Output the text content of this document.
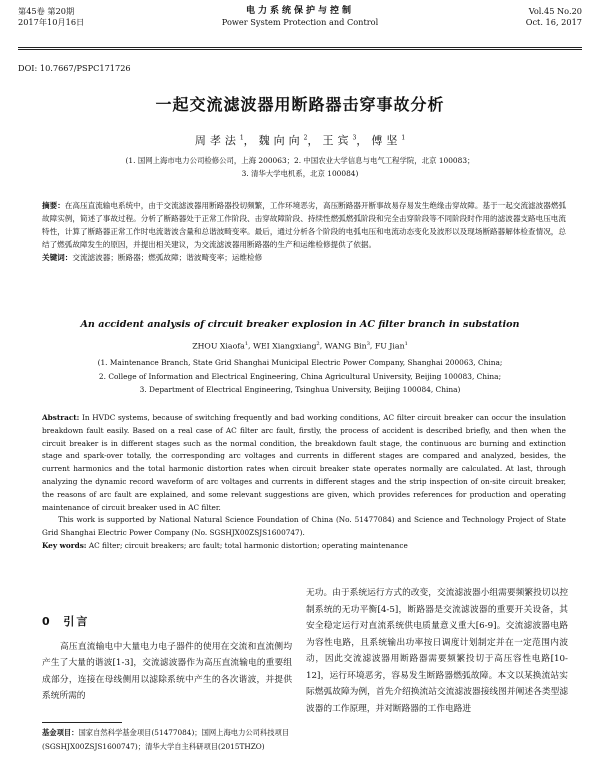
第45卷 第20期
2017年10月16日
电力系统保护与控制
Power System Protection and Control
Vol.45 No.20
Oct. 16, 2017
DOI: 10.7667/PSPC171726
一起交流滤波器用断路器击穿事故分析
周孝法$^1$，魏向向$^2$，王宾$^3$，傅坚$^1$
(1. 国网上海市电力公司检修公司，上海 200063；2. 中国农业大学信息与电气工程学院，北京 100083；
3. 清华大学电机系，北京 100084)
摘要：在高压直流输电系统中，由于交流滤波器用断路器投切频繁，工作环境恶劣，高压断路器开断事故易存易发生绝缘击穿故障。基于一起交流滤波器燃弧故障实例，简述了事故过程。分析了断路器处于正常工作阶段、击穿故障阶段、持续性燃弧燃弧阶段和完全击穿阶段等不同阶段时作用的滤波器支路电压电流特性，计算了断路器正常工作时电流谐波含量和总谐波畸变率。最后，通过分析各个阶段的电弧电压和电流动态变化及波形以及现场断路器解体检查情况，总结了燃弧故障发生的原因，并提出相关建议，为交流滤波器用断路器的生产和运维检修提供了依据。
关键词：交流滤波器；断路器；燃弧故障；谐波畸变率；运维检修
An accident analysis of circuit breaker explosion in AC filter branch in substation
ZHOU Xiaofa$^1$, WEI Xiangxiang$^2$, WANG Bin$^3$, FU Jian$^1$
(1. Maintenance Branch, State Grid Shanghai Municipal Electric Power Company, Shanghai 200063, China;
2. College of Information and Electrical Engineering, China Agricultural University, Beijing 100083, China;
3. Department of Electrical Engineering, Tsinghua University, Beijing 100084, China)

Abstract: In HVDC systems, because of switching frequently and bad working conditions, AC filter circuit breaker can occur the insulation breakdown fault easily. Based on a real case of AC filter arc fault, firstly, the process of accident is described briefly, and then when the circuit breaker is in different stages such as the normal condition, the breakdown fault stage, the continuous arc burning and extinction stage and spark-over totally, the corresponding arc voltages and currents in different stages are compared and analyzed, besides, the current harmonics and the total harmonic distortion rates when circuit breaker state operates normally are calculated. At last, through analyzing the dynamic record waveform of arc voltages and currents in different stages and the strip inspection of on-site circuit breaker, the reasons of arc fault are explained, and some relevant suggestions are given, which provides references for production and operating maintenance of circuit breaker used in AC filter.

This work is supported by National Natural Science Foundation of China (No. 51477084) and Science and Technology Project of State Grid Shanghai Electric Power Company (No. SGSHJX00ZSJS1600747).

Key words: AC filter; circuit breakers; arc fault; total harmonic distortion; operating maintenance

0 引言
高压直流输电中大量电力电子器件的使用在交流和直流侧均产生了大量的谐波[1-3]，交流滤波器作为高压直流输电的重要组成部分，连接在母线侧用以滤除系统中产生的各次谐波，并提供系统所需的
无功。由于系统运行方式的改变，交流滤波器小组需要频繁投切以控制系统的无功平衡[4-5]，断路器是交流滤波器的重要开关设备，其安全稳定运行对直流系统供电质量意义重大[6-9]。交流滤波器电路为容性电路，且系统输出功率按日调度计划制定并在一定范围内波动，因此交流滤波器用断路器需要频繁投切于高压容性电路[10-12]，运行环境恶劣，容易发生断路器燃弧故障。本文以某换流站实际燃弧故障为例，首先介绍换流站交流滤波器接线图并阐述各类型滤波器的工作原理，并对断路器的工作电路进
基金项目：国家自然科学基金项目(51477084)；国网上海电力公司科技项目(SGSHJX00ZSJS1600747)；清华大学自主科研项目(2015THZO)
